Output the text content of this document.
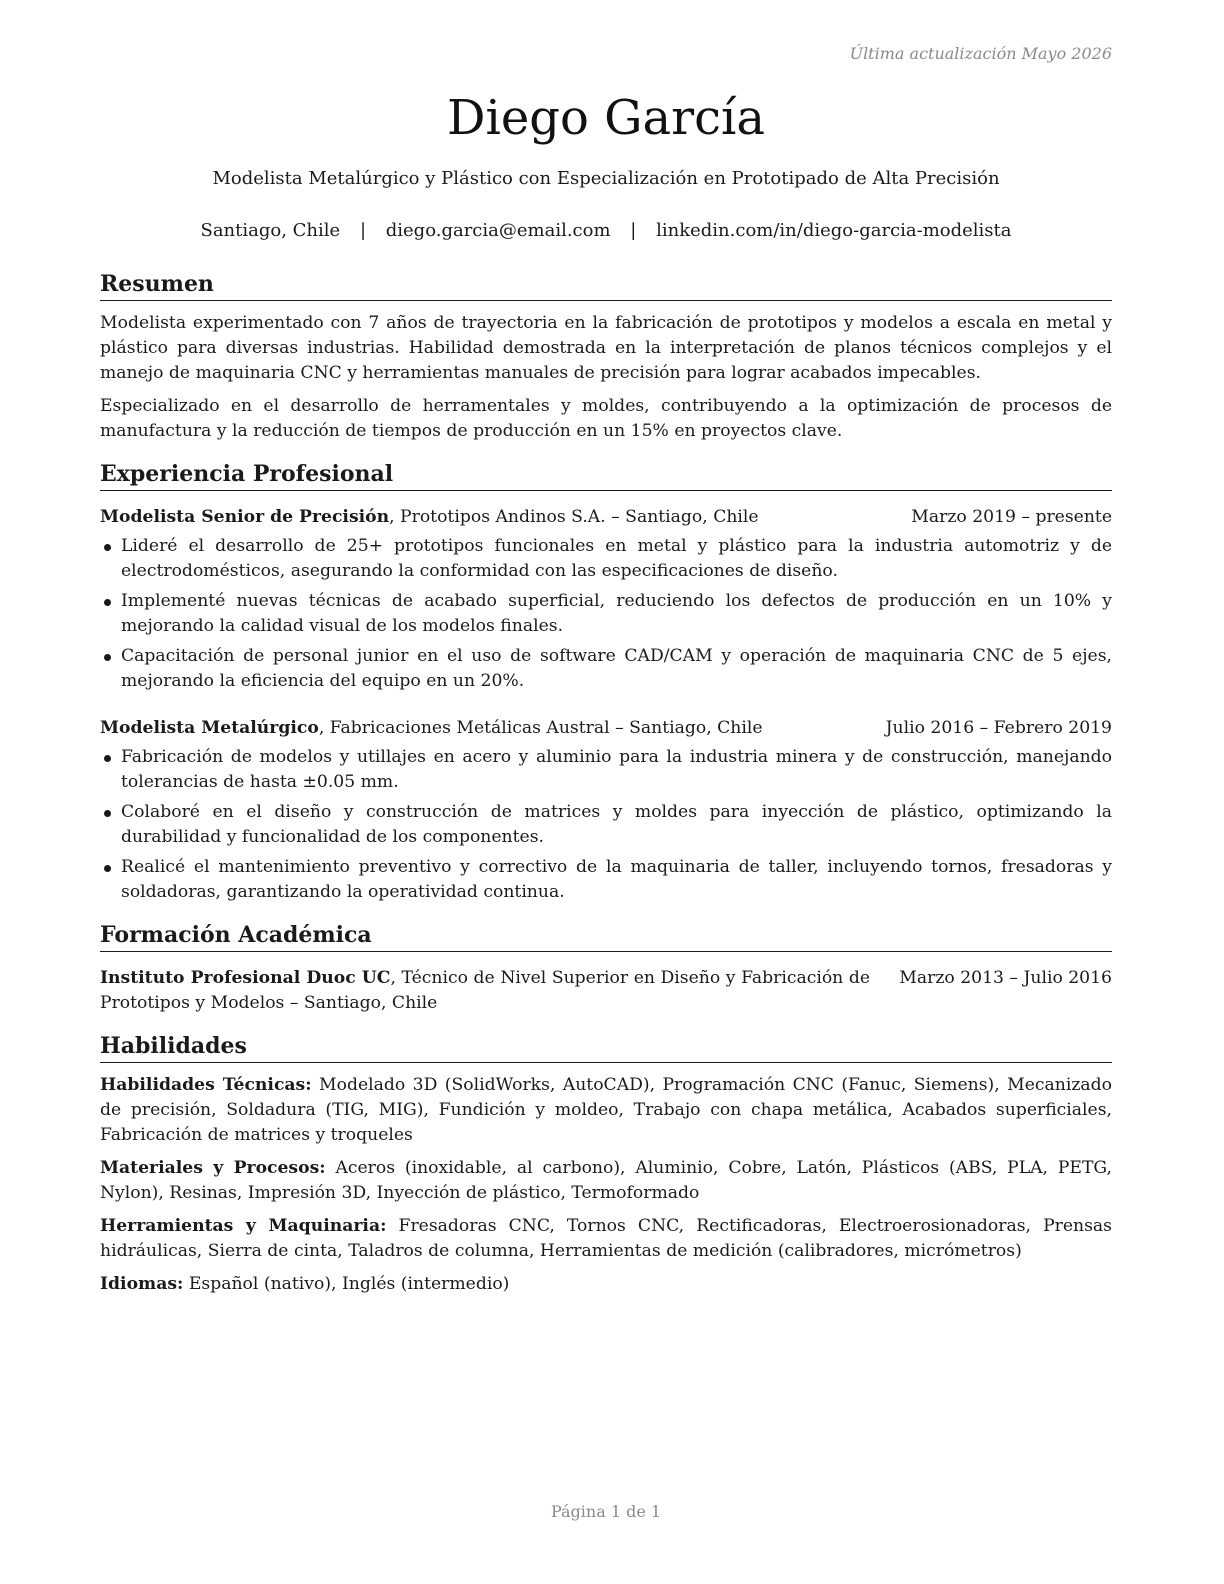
Última actualización Mayo 2026
Diego García
Modelista Metalúrgico y Plástico con Especialización en Prototipado de Alta Precisión
Santiago, Chile | diego.garcia@email.com | linkedin.com/in/diego-garcia-modelista
Resumen

Modelista experimentado con 7 años de trayectoria en la fabricación de prototipos y modelos a escala en metal y plástico para diversas industrias. Habilidad demostrada en la interpretación de planos técnicos complejos y el manejo de maquinaria CNC y herramientas manuales de precisión para lograr acabados impecables.

Especializado en el desarrollo de herramentales y moldes, contribuyendo a la optimización de procesos de manufactura y la reducción de tiempos de producción en un 15% en proyectos clave.

Experiencia Profesional
Modelista Senior de Precisión, Prototipos Andinos S.A. – Santiago, Chile	Marzo 2019 – presente
Lideré el desarrollo de 25+ prototipos funcionales en metal y plástico para la industria automotriz y de electrodomésticos, asegurando la conformidad con las especificaciones de diseño.
Implementé nuevas técnicas de acabado superficial, reduciendo los defectos de producción en un 10% y mejorando la calidad visual de los modelos finales.
Capacitación de personal junior en el uso de software CAD/CAM y operación de maquinaria CNC de 5 ejes, mejorando la eficiencia del equipo en un 20%.
Modelista Metalúrgico, Fabricaciones Metálicas Austral – Santiago, Chile	Julio 2016 – Febrero 2019
Fabricación de modelos y utillajes en acero y aluminio para la industria minera y de construcción, manejando tolerancias de hasta ±0.05 mm.
Colaboré en el diseño y construcción de matrices y moldes para inyección de plástico, optimizando la durabilidad y funcionalidad de los componentes.
Realicé el mantenimiento preventivo y correctivo de la maquinaria de taller, incluyendo tornos, fresadoras y soldadoras, garantizando la operatividad continua.
Formación Académica
Instituto Profesional Duoc UC, Técnico de Nivel Superior en Diseño y Fabricación de Prototipos y Modelos – Santiago, Chile
Marzo 2013 – Julio 2016
Habilidades

Habilidades Técnicas: Modelado 3D (SolidWorks, AutoCAD), Programación CNC (Fanuc, Siemens), Mecanizado de precisión, Soldadura (TIG, MIG), Fundición y moldeo, Trabajo con chapa metálica, Acabados superficiales, Fabricación de matrices y troqueles

Materiales y Procesos: Aceros (inoxidable, al carbono), Aluminio, Cobre, Latón, Plásticos (ABS, PLA, PETG, Nylon), Resinas, Impresión 3D, Inyección de plástico, Termoformado

Herramientas y Maquinaria: Fresadoras CNC, Tornos CNC, Rectificadoras, Electroerosionadoras, Prensas hidráulicas, Sierra de cinta, Taladros de columna, Herramientas de medición (calibradores, micrómetros)

Idiomas: Español (nativo), Inglés (intermedio)

Página 1 de 1
